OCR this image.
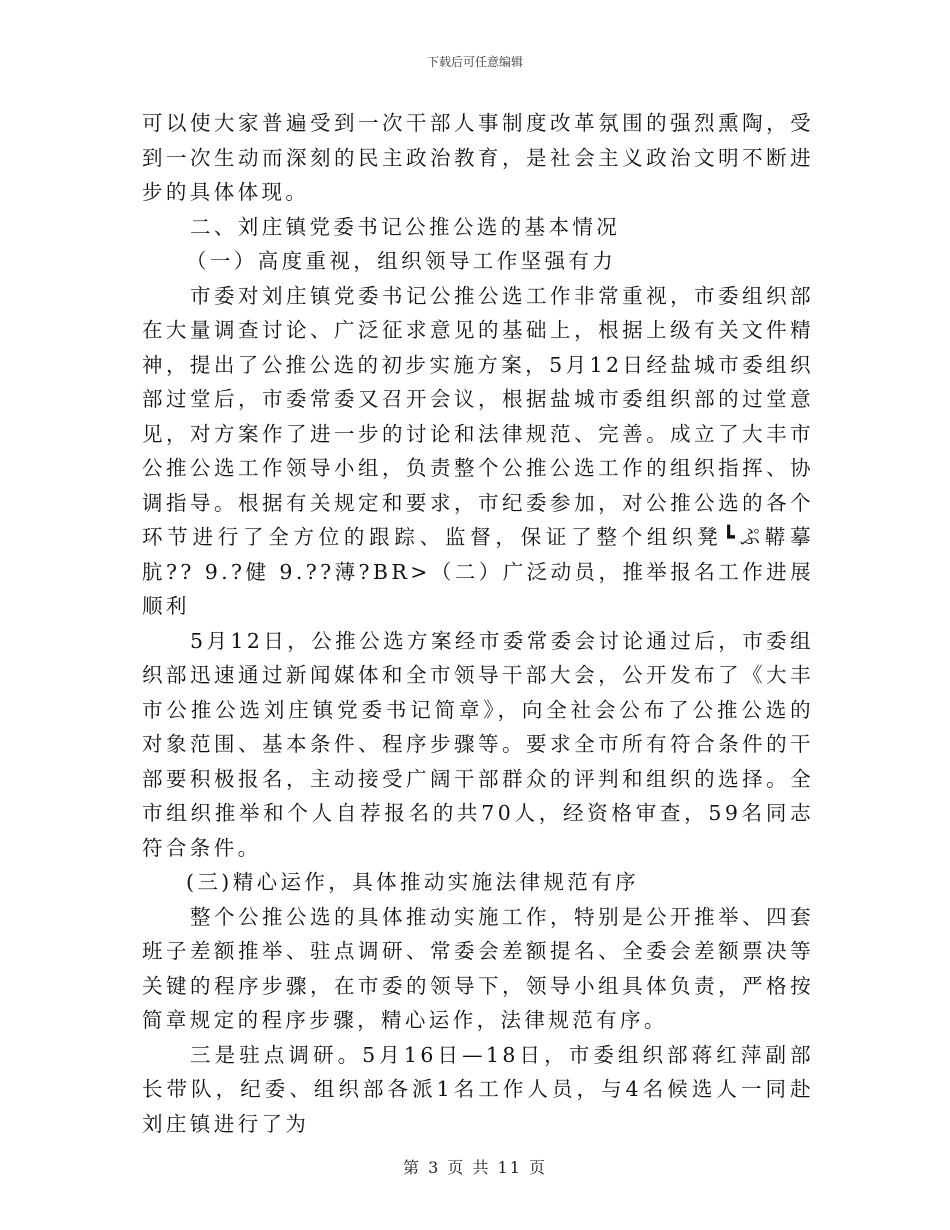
下载后可任意编辑

可以使大家普遍受到一次干部人事制度改革氛围的强烈熏陶，受到一次生动而深刻的民主政治教育，是社会主义政治文明不断进步的具体体现。

二、刘庄镇党委书记公推公选的基本情况

（一）高度重视，组织领导工作坚强有力

市委对刘庄镇党委书记公推公选工作非常重视，市委组织部在大量调查讨论、广泛征求意见的基础上，根据上级有关文件精神，提出了公推公选的初步实施方案，5月12日经盐城市委组织部过堂后，市委常委又召开会议，根据盐城市委组织部的过堂意见，对方案作了进一步的讨论和法律规范、完善。成立了大丰市公推公选工作领导小组，负责整个公推公选工作的组织指挥、协调指导。根据有关规定和要求，市纪委参加，对公推公选的各个环节进行了全方位的跟踪、监督，保证了整个组织凳┗ぷ鞯摹肮?? 9.?健 9.??薄?BR>（二）广泛动员，推举报名工作进展顺利

5月12日，公推公选方案经市委常委会讨论通过后，市委组织部迅速通过新闻媒体和全市领导干部大会，公开发布了《大丰市公推公选刘庄镇党委书记简章》，向全社会公布了公推公选的对象范围、基本条件、程序步骤等。要求全市所有符合条件的干部要积极报名，主动接受广阔干部群众的评判和组织的选择。全市组织推举和个人自荐报名的共70人，经资格审查，59名同志符合条件。

(三)精心运作，具体推动实施法律规范有序

整个公推公选的具体推动实施工作，特别是公开推举、四套班子差额推举、驻点调研、常委会差额提名、全委会差额票决等关键的程序步骤，在市委的领导下，领导小组具体负责，严格按简章规定的程序步骤，精心运作，法律规范有序。

三是驻点调研。5月16日—18日，市委组织部蒋红萍副部长带队，纪委、组织部各派1名工作人员，与4名候选人一同赴刘庄镇进行了为

第 3 页 共 11 页
